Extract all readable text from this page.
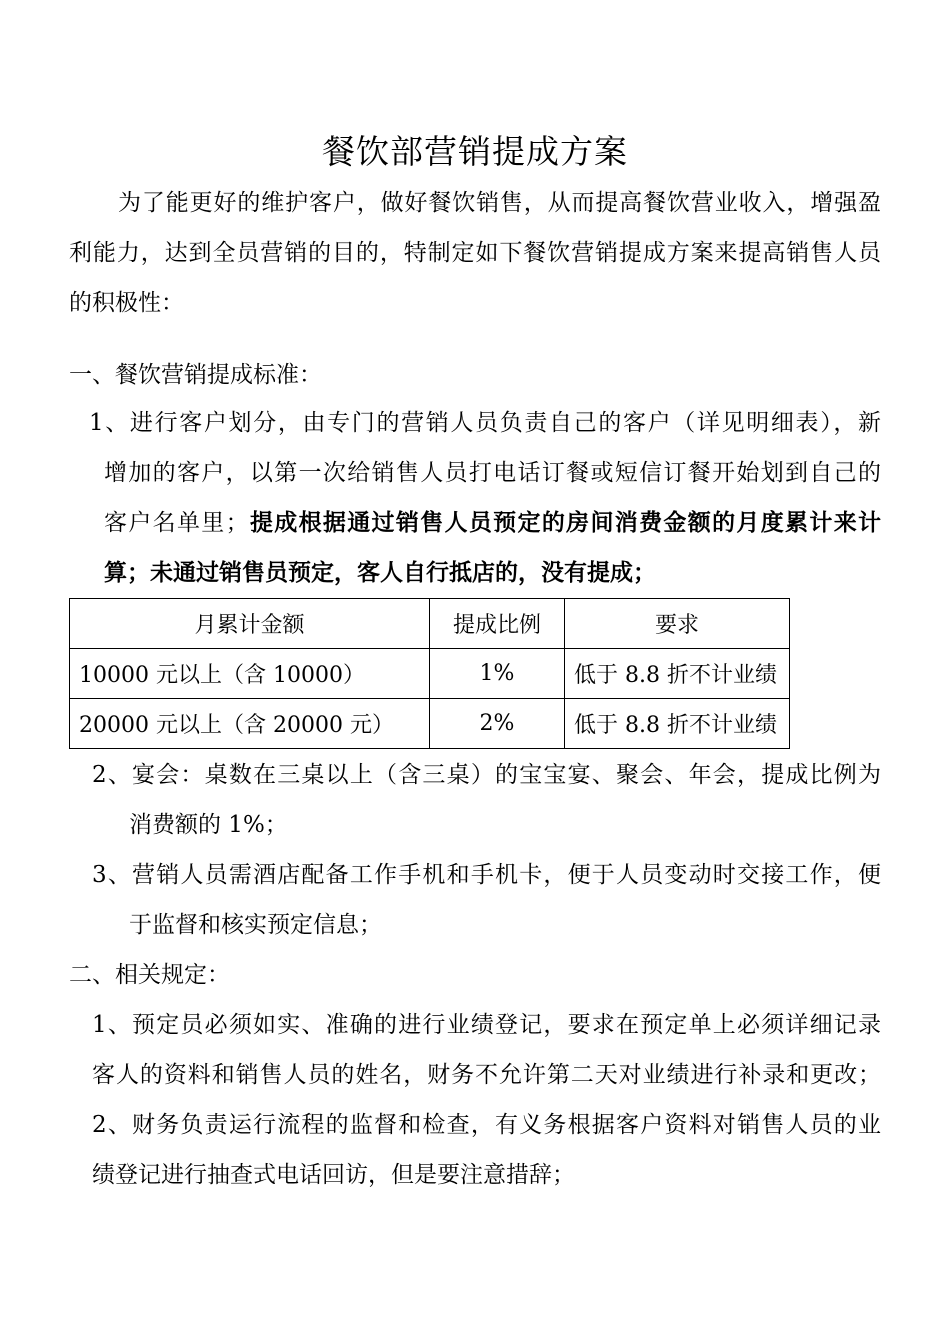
餐饮部营销提成方案
为了能更好的维护客户，做好餐饮销售，从而提高餐饮营业收入，增强盈
利能力，达到全员营销的目的，特制定如下餐饮营销提成方案来提高销售人员
的积极性：
一、餐饮营销提成标准：
1、进行客户划分，由专门的营销人员负责自己的客户（详见明细表），新
增加的客户，以第一次给销售人员打电话订餐或短信订餐开始划到自己的
客户名单里；提成根据通过销售人员预定的房间消费金额的月度累计来计
算；未通过销售员预定，客人自行抵店的，没有提成；
月累计金额	提成比例	要求
10000 元以上（含 10000）	1%	低于 8.8 折不计业绩
20000 元以上（含 20000 元）	2%	低于 8.8 折不计业绩
2、宴会：桌数在三桌以上（含三桌）的宝宝宴、聚会、年会，提成比例为
消费额的 1%；
3、营销人员需酒店配备工作手机和手机卡，便于人员变动时交接工作，便
于监督和核实预定信息；
二、相关规定：
1、预定员必须如实、准确的进行业绩登记，要求在预定单上必须详细记录
客人的资料和销售人员的姓名，财务不允许第二天对业绩进行补录和更改；
2、财务负责运行流程的监督和检查，有义务根据客户资料对销售人员的业
绩登记进行抽查式电话回访，但是要注意措辞；
